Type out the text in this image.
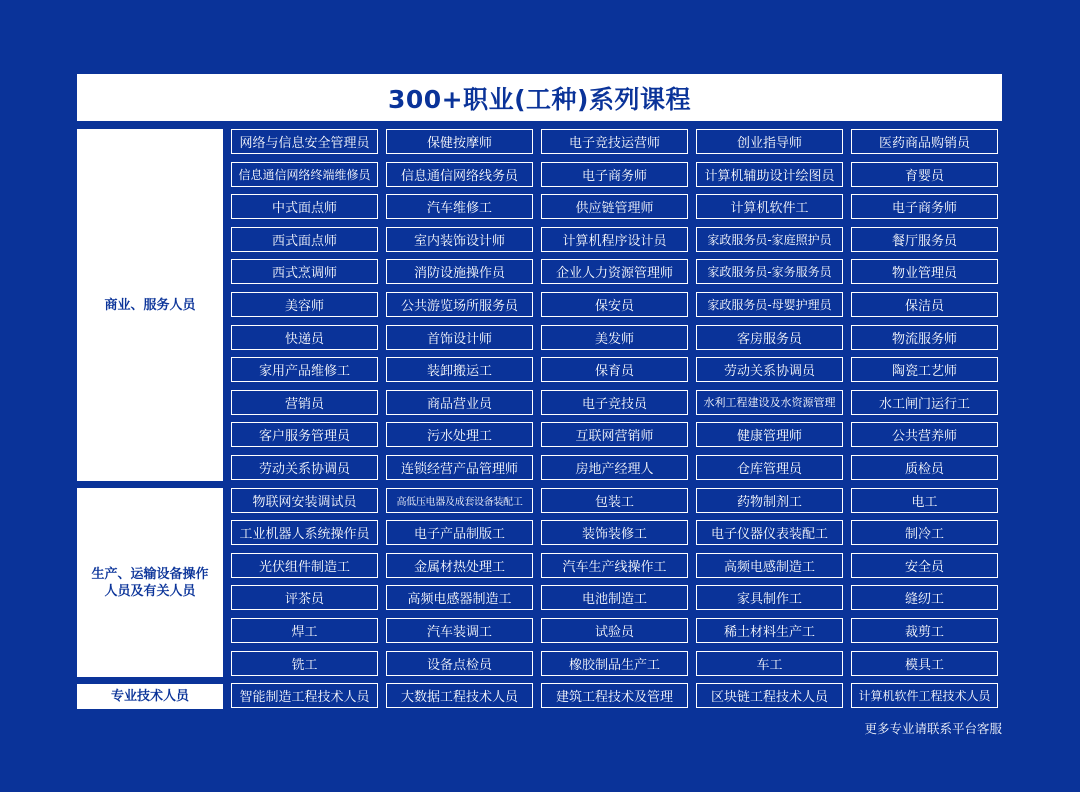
300+职业(工种)系列课程
商业、服务人员
生产、运输设备操作
人员及有关人员
专业技术人员
网络与信息安全管理员	保健按摩师	电子竞技运营师	创业指导师	医药商品购销员
信息通信网络终端维修员	信息通信网络线务员	电子商务师	计算机辅助设计绘图员	育婴员
中式面点师	汽车维修工	供应链管理师	计算机软件工	电子商务师
西式面点师	室内装饰设计师	计算机程序设计员	家政服务员-家庭照护员	餐厅服务员
西式烹调师	消防设施操作员	企业人力资源管理师	家政服务员-家务服务员	物业管理员
美容师	公共游览场所服务员	保安员	家政服务员-母婴护理员	保洁员
快递员	首饰设计师	美发师	客房服务员	物流服务师
家用产品维修工	装卸搬运工	保育员	劳动关系协调员	陶瓷工艺师
营销员	商品营业员	电子竞技员	水利工程建设及水资源管理	水工闸门运行工
客户服务管理员	污水处理工	互联网营销师	健康管理师	公共营养师
劳动关系协调员	连锁经营产品管理师	房地产经理人	仓库管理员	质检员
物联网安装调试员	高低压电器及成套设备装配工	包装工	药物制剂工	电工
工业机器人系统操作员	电子产品制版工	装饰装修工	电子仪器仪表装配工	制冷工
光伏组件制造工	金属材热处理工	汽车生产线操作工	高频电感制造工	安全员
评茶员	高频电感器制造工	电池制造工	家具制作工	缝纫工
焊工	汽车装调工	试验员	稀土材料生产工	裁剪工
铣工	设备点检员	橡胶制品生产工	车工	模具工
智能制造工程技术人员	大数据工程技术人员	建筑工程技术及管理	区块链工程技术人员	计算机软件工程技术人员
更多专业请联系平台客服
